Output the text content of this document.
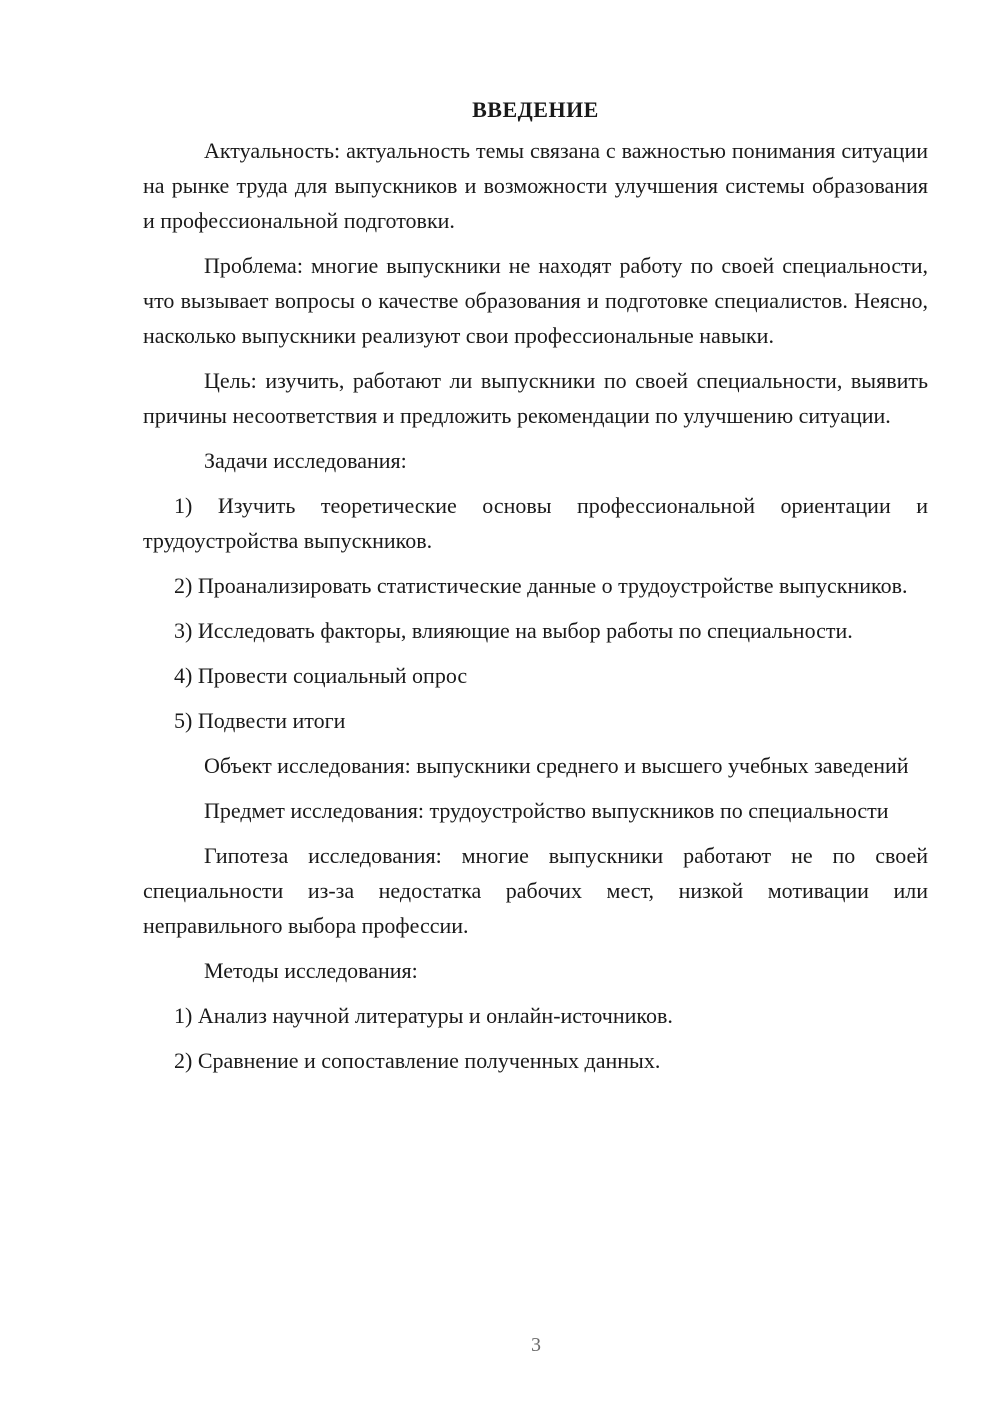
ВВЕДЕНИЕ

Актуальность: актуальность темы связана с важностью понимания ситуации на рынке труда для выпускников и возможности улучшения системы образования и профессиональной подготовки.

Проблема: многие выпускники не находят работу по своей специальности, что вызывает вопросы о качестве образования и подготовке специалистов. Неясно, насколько выпускники реализуют свои профессиональные навыки.

Цель: изучить, работают ли выпускники по своей специальности, выявить причины несоответствия и предложить рекомендации по улучшению ситуации.

Задачи исследования:

1) Изучить теоретические основы профессиональной ориентации и трудоустройства выпускников.

2) Проанализировать статистические данные о трудоустройстве выпускников.

3) Исследовать факторы, влияющие на выбор работы по специальности.

4) Провести социальный опрос

5) Подвести итоги

Объект исследования: выпускники среднего и высшего учебных заведений

Предмет исследования: трудоустройство выпускников по специальности

Гипотеза исследования: многие выпускники работают не по своей специальности из-за недостатка рабочих мест, низкой мотивации или неправильного выбора профессии.

Методы исследования:

1) Анализ научной литературы и онлайн-источников.

2) Сравнение и сопоставление полученных данных.

3
